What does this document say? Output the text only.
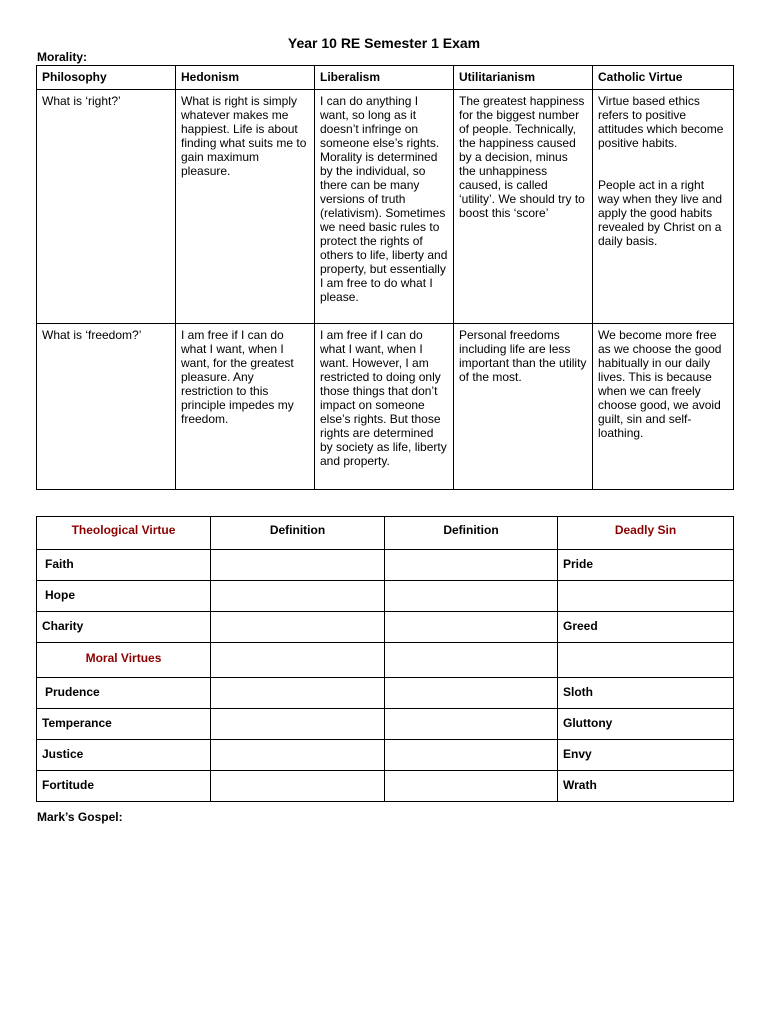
Year 10 RE Semester 1 Exam
Morality:
Philosophy	Hedonism	Liberalism	Utilitarianism	Catholic Virtue
What is ‘right?’	What is right is simply whatever makes me happiest. Life is about finding what suits me to gain maximum pleasure.	I can do anything I want, so long as it doesn’t infringe on someone else’s rights. Morality is determined by the individual, so there can be many versions of truth (relativism). Sometimes we need basic rules to protect the rights of others to life, liberty and property, but essentially I am free to do what I please.	The greatest happiness for the biggest number of people. Technically, the happiness caused by a decision, minus the unhappiness caused, is called ‘utility’. We should try to boost this ‘score’	Virtue based ethics refers to positive attitudes which become positive habits.
People act in a right way when they live and apply the good habits revealed by Christ on a daily basis.
What is ‘freedom?’	I am free if I can do what I want, when I want, for the greatest pleasure. Any restriction to this principle impedes my freedom.	I am free if I can do what I want, when I want. However, I am restricted to doing only those things that don’t impact on someone else’s rights. But those rights are determined by society as life, liberty and property.	Personal freedoms including life are less important than the utility of the most.	We become more free as we choose the good habitually in our daily lives. This is because when we can freely choose good, we avoid guilt, sin and self-loathing.
Theological Virtue	Definition	Definition	Deadly Sin
Faith			Pride
Hope			
Charity			Greed
Moral Virtues			
Prudence			Sloth
Temperance			Gluttony
Justice			Envy
Fortitude			Wrath
Mark’s Gospel:
